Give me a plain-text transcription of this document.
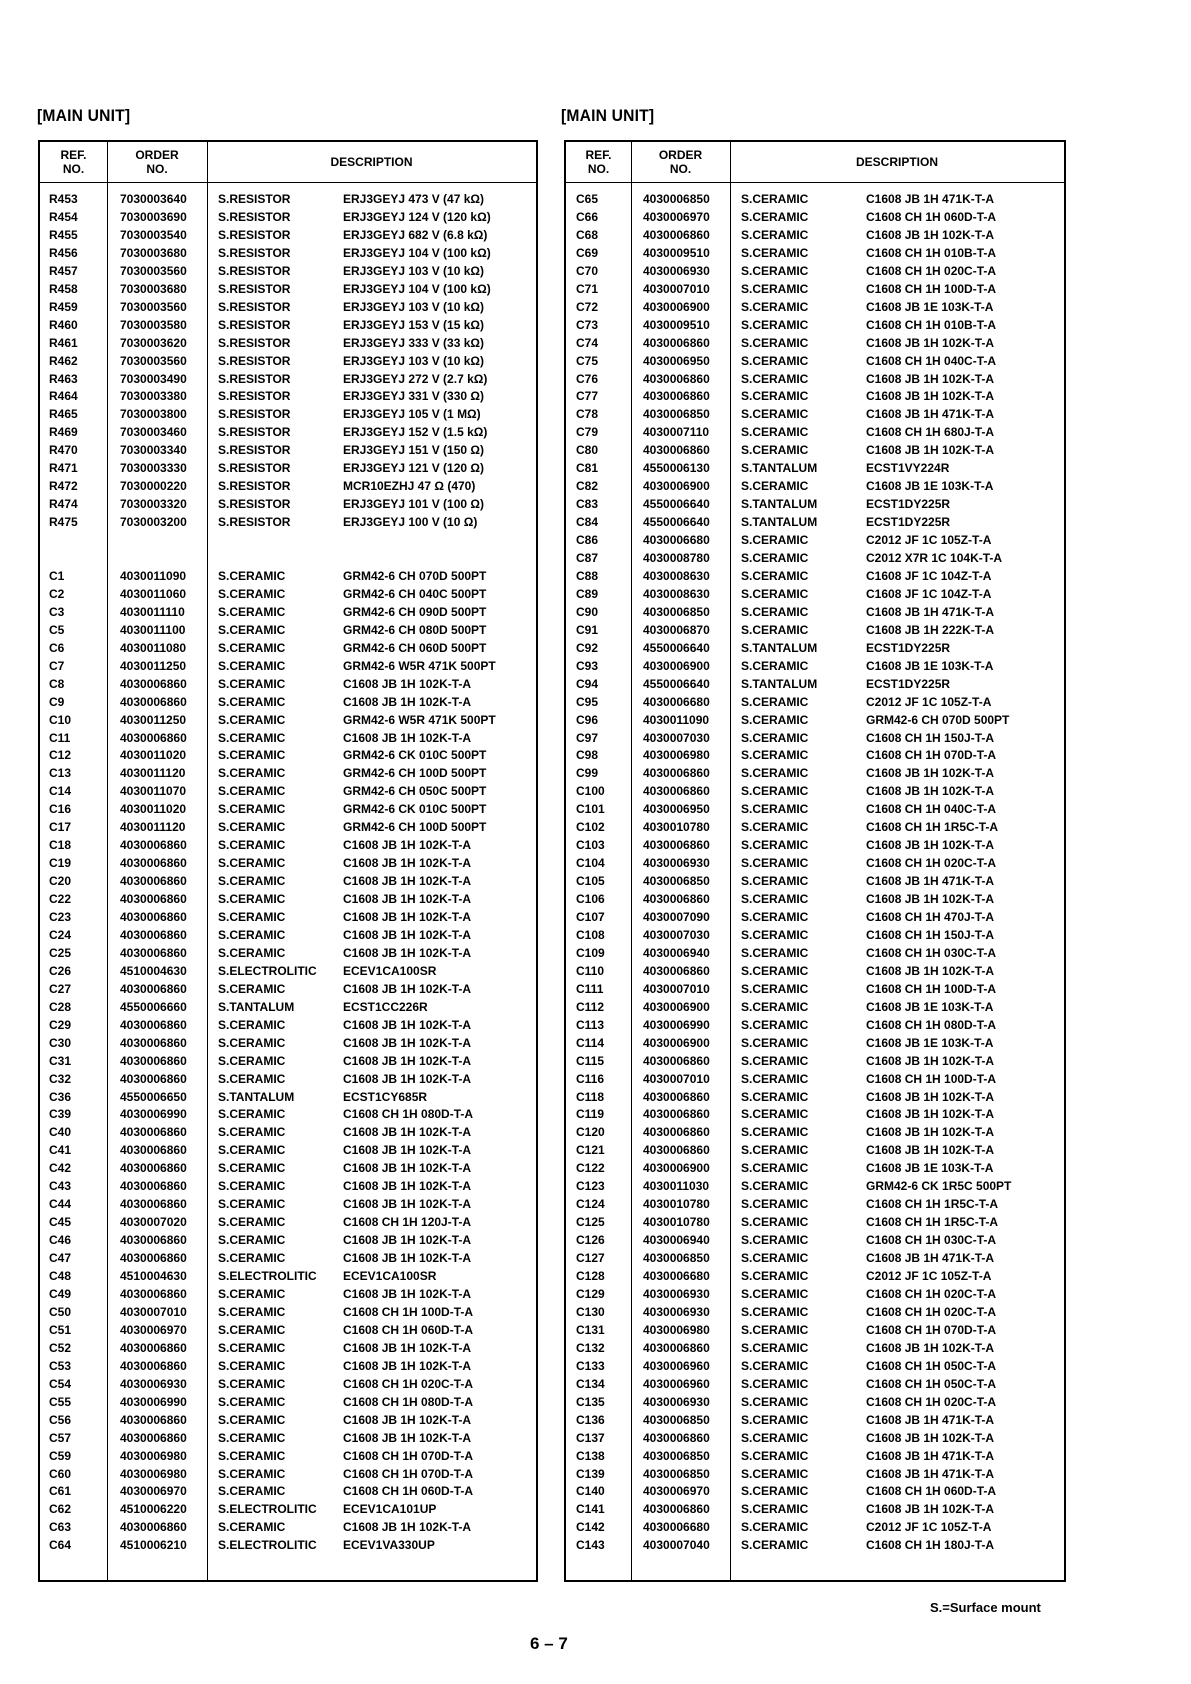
[MAIN UNIT]	[MAIN UNIT]
REF.
NO.
ORDER
NO.	DESCRIPTION
R453	7030003640	S.RESISTOR	ERJ3GEYJ 473 V (47 kΩ)
R454	7030003690	S.RESISTOR	ERJ3GEYJ 124 V (120 kΩ)
R455	7030003540	S.RESISTOR	ERJ3GEYJ 682 V (6.8 kΩ)
R456	7030003680	S.RESISTOR	ERJ3GEYJ 104 V (100 kΩ)
R457	7030003560	S.RESISTOR	ERJ3GEYJ 103 V (10 kΩ)
R458	7030003680	S.RESISTOR	ERJ3GEYJ 104 V (100 kΩ)
R459	7030003560	S.RESISTOR	ERJ3GEYJ 103 V (10 kΩ)
R460	7030003580	S.RESISTOR	ERJ3GEYJ 153 V (15 kΩ)
R461	7030003620	S.RESISTOR	ERJ3GEYJ 333 V (33 kΩ)
R462	7030003560	S.RESISTOR	ERJ3GEYJ 103 V (10 kΩ)
R463	7030003490	S.RESISTOR	ERJ3GEYJ 272 V (2.7 kΩ)
R464	7030003380	S.RESISTOR	ERJ3GEYJ 331 V (330 Ω)
R465	7030003800	S.RESISTOR	ERJ3GEYJ 105 V (1 MΩ)
R469	7030003460	S.RESISTOR	ERJ3GEYJ 152 V (1.5 kΩ)
R470	7030003340	S.RESISTOR	ERJ3GEYJ 151 V (150 Ω)
R471	7030003330	S.RESISTOR	ERJ3GEYJ 121 V (120 Ω)
R472	7030000220	S.RESISTOR	MCR10EZHJ 47 Ω (470)
R474	7030003320	S.RESISTOR	ERJ3GEYJ 101 V (100 Ω)
R475	7030003200	S.RESISTOR	ERJ3GEYJ 100 V (10 Ω)
C1	4030011090	S.CERAMIC	GRM42-6 CH 070D 500PT
C2	4030011060	S.CERAMIC	GRM42-6 CH 040C 500PT
C3	4030011110	S.CERAMIC	GRM42-6 CH 090D 500PT
C5	4030011100	S.CERAMIC	GRM42-6 CH 080D 500PT
C6	4030011080	S.CERAMIC	GRM42-6 CH 060D 500PT
C7	4030011250	S.CERAMIC	GRM42-6 W5R 471K 500PT
C8	4030006860	S.CERAMIC	C1608 JB 1H 102K-T-A
C9	4030006860	S.CERAMIC	C1608 JB 1H 102K-T-A
C10	4030011250	S.CERAMIC	GRM42-6 W5R 471K 500PT
C11	4030006860	S.CERAMIC	C1608 JB 1H 102K-T-A
C12	4030011020	S.CERAMIC	GRM42-6 CK 010C 500PT
C13	4030011120	S.CERAMIC	GRM42-6 CH 100D 500PT
C14	4030011070	S.CERAMIC	GRM42-6 CH 050C 500PT
C16	4030011020	S.CERAMIC	GRM42-6 CK 010C 500PT
C17	4030011120	S.CERAMIC	GRM42-6 CH 100D 500PT
C18	4030006860	S.CERAMIC	C1608 JB 1H 102K-T-A
C19	4030006860	S.CERAMIC	C1608 JB 1H 102K-T-A
C20	4030006860	S.CERAMIC	C1608 JB 1H 102K-T-A
C22	4030006860	S.CERAMIC	C1608 JB 1H 102K-T-A
C23	4030006860	S.CERAMIC	C1608 JB 1H 102K-T-A
C24	4030006860	S.CERAMIC	C1608 JB 1H 102K-T-A
C25	4030006860	S.CERAMIC	C1608 JB 1H 102K-T-A
C26	4510004630	S.ELECTROLITIC ECEV1CA100SR
C27	4030006860	S.CERAMIC	C1608 JB 1H 102K-T-A
C28	4550006660	S.TANTALUM	ECST1CC226R
C29	4030006860	S.CERAMIC	C1608 JB 1H 102K-T-A
C30	4030006860	S.CERAMIC	C1608 JB 1H 102K-T-A
C31	4030006860	S.CERAMIC	C1608 JB 1H 102K-T-A
C32	4030006860	S.CERAMIC	C1608 JB 1H 102K-T-A
C36	4550006650	S.TANTALUM	ECST1CY685R
C39	4030006990	S.CERAMIC	C1608 CH 1H 080D-T-A
C40	4030006860	S.CERAMIC	C1608 JB 1H 102K-T-A
C41	4030006860	S.CERAMIC	C1608 JB 1H 102K-T-A
C42	4030006860	S.CERAMIC	C1608 JB 1H 102K-T-A
C43	4030006860	S.CERAMIC	C1608 JB 1H 102K-T-A
C44	4030006860	S.CERAMIC	C1608 JB 1H 102K-T-A
C45	4030007020	S.CERAMIC	C1608 CH 1H 120J-T-A
C46	4030006860	S.CERAMIC	C1608 JB 1H 102K-T-A
C47	4030006860	S.CERAMIC	C1608 JB 1H 102K-T-A
C48	4510004630	S.ELECTROLITIC ECEV1CA100SR
C49	4030006860	S.CERAMIC	C1608 JB 1H 102K-T-A
C50	4030007010	S.CERAMIC	C1608 CH 1H 100D-T-A
C51	4030006970	S.CERAMIC	C1608 CH 1H 060D-T-A
C52	4030006860	S.CERAMIC	C1608 JB 1H 102K-T-A
C53	4030006860	S.CERAMIC	C1608 JB 1H 102K-T-A
C54	4030006930	S.CERAMIC	C1608 CH 1H 020C-T-A
C55	4030006990	S.CERAMIC	C1608 CH 1H 080D-T-A
C56	4030006860	S.CERAMIC	C1608 JB 1H 102K-T-A
C57	4030006860	S.CERAMIC	C1608 JB 1H 102K-T-A
C59	4030006980	S.CERAMIC	C1608 CH 1H 070D-T-A
C60	4030006980	S.CERAMIC	C1608 CH 1H 070D-T-A
C61	4030006970	S.CERAMIC	C1608 CH 1H 060D-T-A
C62	4510006220	S.ELECTROLITIC ECEV1CA101UP
C63	4030006860	S.CERAMIC	C1608 JB 1H 102K-T-A
C64	4510006210	S.ELECTROLITIC ECEV1VA330UP
REF.
NO.
ORDER
NO.	DESCRIPTION
C65	4030006850	S.CERAMIC	C1608 JB 1H 471K-T-A
C66	4030006970	S.CERAMIC	C1608 CH 1H 060D-T-A
C68	4030006860	S.CERAMIC	C1608 JB 1H 102K-T-A
C69	4030009510	S.CERAMIC	C1608 CH 1H 010B-T-A
C70	4030006930	S.CERAMIC	C1608 CH 1H 020C-T-A
C71	4030007010	S.CERAMIC	C1608 CH 1H 100D-T-A
C72	4030006900	S.CERAMIC	C1608 JB 1E 103K-T-A
C73	4030009510	S.CERAMIC	C1608 CH 1H 010B-T-A
C74	4030006860	S.CERAMIC	C1608 JB 1H 102K-T-A
C75	4030006950	S.CERAMIC	C1608 CH 1H 040C-T-A
C76	4030006860	S.CERAMIC	C1608 JB 1H 102K-T-A
C77	4030006860	S.CERAMIC	C1608 JB 1H 102K-T-A
C78	4030006850	S.CERAMIC	C1608 JB 1H 471K-T-A
C79	4030007110	S.CERAMIC	C1608 CH 1H 680J-T-A
C80	4030006860	S.CERAMIC	C1608 JB 1H 102K-T-A
C81	4550006130	S.TANTALUM	ECST1VY224R
C82	4030006900	S.CERAMIC	C1608 JB 1E 103K-T-A
C83	4550006640	S.TANTALUM	ECST1DY225R
C84	4550006640	S.TANTALUM	ECST1DY225R
C86	4030006680	S.CERAMIC	C2012 JF 1C 105Z-T-A
C87	4030008780	S.CERAMIC	C2012 X7R 1C 104K-T-A
C88	4030008630	S.CERAMIC	C1608 JF 1C 104Z-T-A
C89	4030008630	S.CERAMIC	C1608 JF 1C 104Z-T-A
C90	4030006850	S.CERAMIC	C1608 JB 1H 471K-T-A
C91	4030006870	S.CERAMIC	C1608 JB 1H 222K-T-A
C92	4550006640	S.TANTALUM	ECST1DY225R
C93	4030006900	S.CERAMIC	C1608 JB 1E 103K-T-A
C94	4550006640	S.TANTALUM	ECST1DY225R
C95	4030006680	S.CERAMIC	C2012 JF 1C 105Z-T-A
C96	4030011090	S.CERAMIC	GRM42-6 CH 070D 500PT
C97	4030007030	S.CERAMIC	C1608 CH 1H 150J-T-A
C98	4030006980	S.CERAMIC	C1608 CH 1H 070D-T-A
C99	4030006860	S.CERAMIC	C1608 JB 1H 102K-T-A
C100	4030006860	S.CERAMIC	C1608 JB 1H 102K-T-A
C101	4030006950	S.CERAMIC	C1608 CH 1H 040C-T-A
C102	4030010780	S.CERAMIC	C1608 CH 1H 1R5C-T-A
C103	4030006860	S.CERAMIC	C1608 JB 1H 102K-T-A
C104	4030006930	S.CERAMIC	C1608 CH 1H 020C-T-A
C105	4030006850	S.CERAMIC	C1608 JB 1H 471K-T-A
C106	4030006860	S.CERAMIC	C1608 JB 1H 102K-T-A
C107	4030007090	S.CERAMIC	C1608 CH 1H 470J-T-A
C108	4030007030	S.CERAMIC	C1608 CH 1H 150J-T-A
C109	4030006940	S.CERAMIC	C1608 CH 1H 030C-T-A
C110	4030006860	S.CERAMIC	C1608 JB 1H 102K-T-A
C111	4030007010	S.CERAMIC	C1608 CH 1H 100D-T-A
C112	4030006900	S.CERAMIC	C1608 JB 1E 103K-T-A
C113	4030006990	S.CERAMIC	C1608 CH 1H 080D-T-A
C114	4030006900	S.CERAMIC	C1608 JB 1E 103K-T-A
C115	4030006860	S.CERAMIC	C1608 JB 1H 102K-T-A
C116	4030007010	S.CERAMIC	C1608 CH 1H 100D-T-A
C118	4030006860	S.CERAMIC	C1608 JB 1H 102K-T-A
C119	4030006860	S.CERAMIC	C1608 JB 1H 102K-T-A
C120	4030006860	S.CERAMIC	C1608 JB 1H 102K-T-A
C121	4030006860	S.CERAMIC	C1608 JB 1H 102K-T-A
C122	4030006900	S.CERAMIC	C1608 JB 1E 103K-T-A
C123	4030011030	S.CERAMIC	GRM42-6 CK 1R5C 500PT
C124	4030010780	S.CERAMIC	C1608 CH 1H 1R5C-T-A
C125	4030010780	S.CERAMIC	C1608 CH 1H 1R5C-T-A
C126	4030006940	S.CERAMIC	C1608 CH 1H 030C-T-A
C127	4030006850	S.CERAMIC	C1608 JB 1H 471K-T-A
C128	4030006680	S.CERAMIC	C2012 JF 1C 105Z-T-A
C129	4030006930	S.CERAMIC	C1608 CH 1H 020C-T-A
C130	4030006930	S.CERAMIC	C1608 CH 1H 020C-T-A
C131	4030006980	S.CERAMIC	C1608 CH 1H 070D-T-A
C132	4030006860	S.CERAMIC	C1608 JB 1H 102K-T-A
C133	4030006960	S.CERAMIC	C1608 CH 1H 050C-T-A
C134	4030006960	S.CERAMIC	C1608 CH 1H 050C-T-A
C135	4030006930	S.CERAMIC	C1608 CH 1H 020C-T-A
C136	4030006850	S.CERAMIC	C1608 JB 1H 471K-T-A
C137	4030006860	S.CERAMIC	C1608 JB 1H 102K-T-A
C138	4030006850	S.CERAMIC	C1608 JB 1H 471K-T-A
C139	4030006850	S.CERAMIC	C1608 JB 1H 471K-T-A
C140	4030006970	S.CERAMIC	C1608 CH 1H 060D-T-A
C141	4030006860	S.CERAMIC	C1608 JB 1H 102K-T-A
C142	4030006680	S.CERAMIC	C2012 JF 1C 105Z-T-A
C143	4030007040	S.CERAMIC	C1608 CH 1H 180J-T-A
S.=Surface mount
6 – 7
